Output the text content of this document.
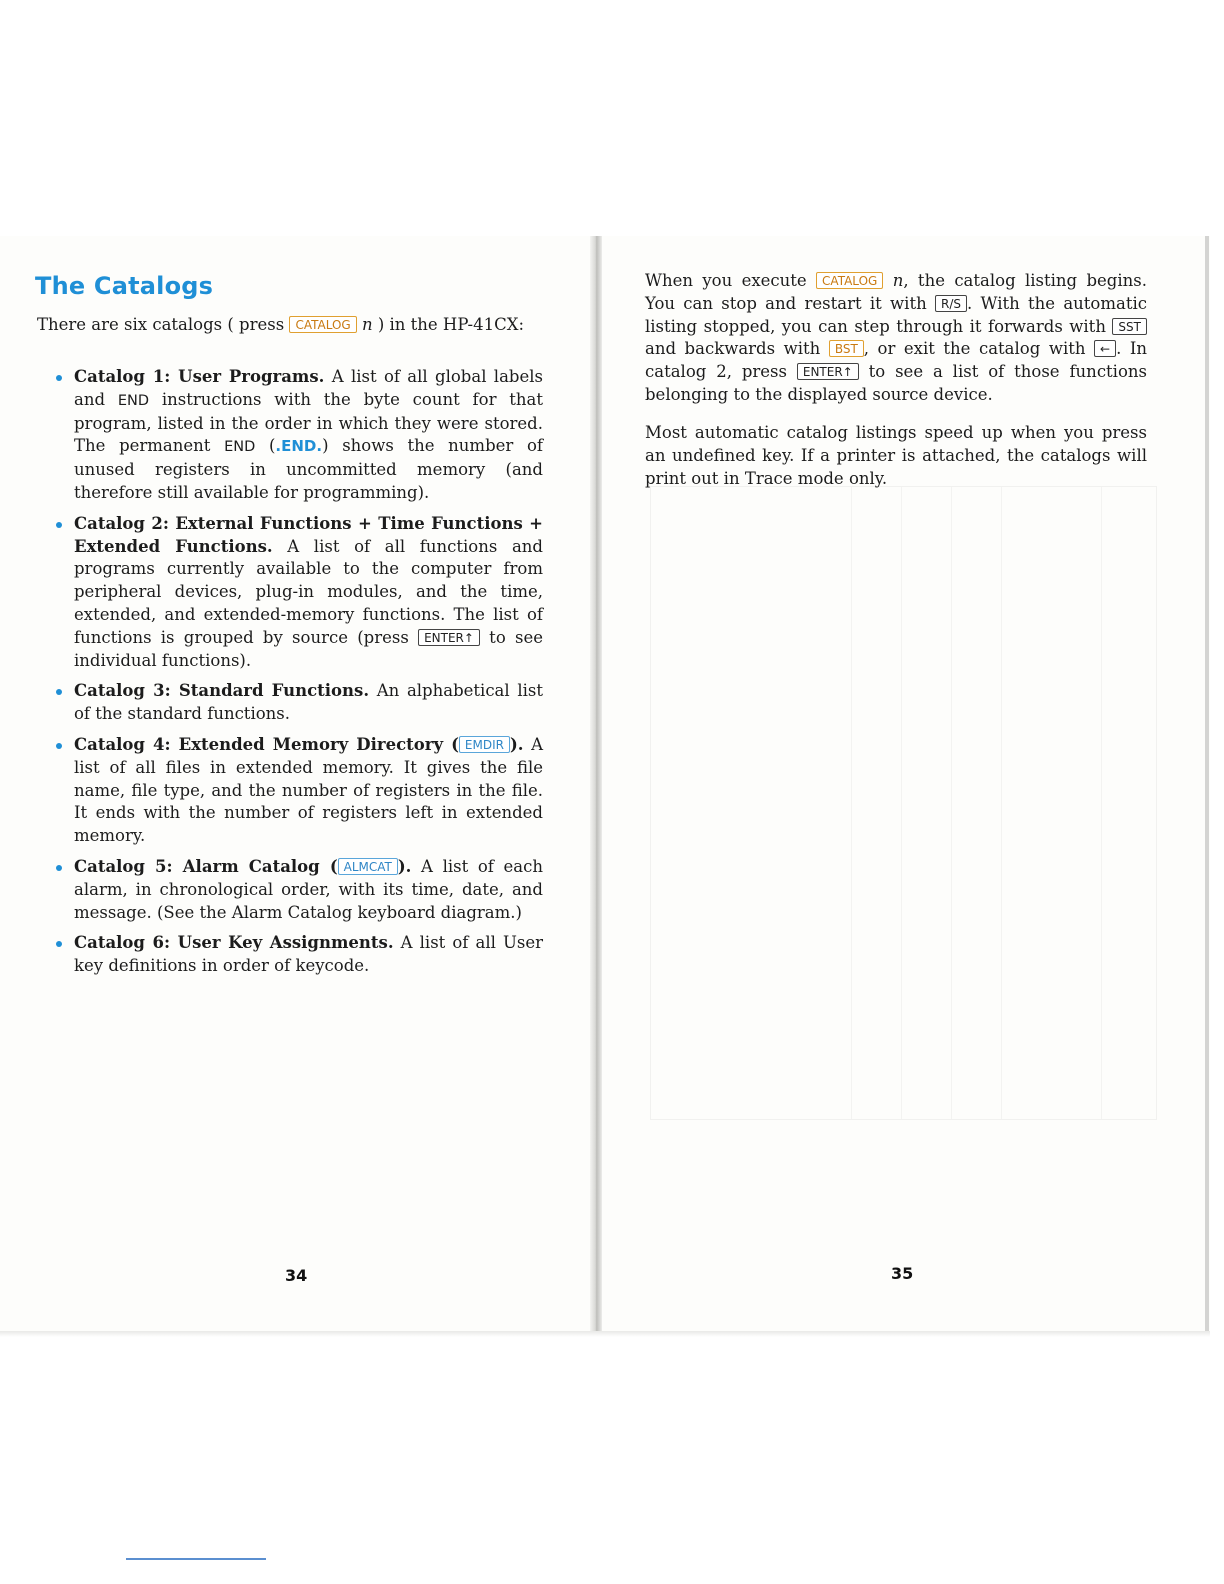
The Catalogs
There are six catalogs ( press CATALOG n ) in the HP-41CX:
Catalog 1: User Programs. A list of all global labels and END instructions with the byte count for that program, listed in the order in which they were stored. The permanent END (.END.) shows the number of unused registers in uncommitted memory (and therefore still available for programming).
Catalog 2: External Functions + Time Functions + Extended Functions. A list of all functions and programs currently available to the computer from peripheral devices, plug-in modules, and the time, extended, and extended-memory functions. The list of functions is grouped by source (press ENTER↑ to see individual functions).
Catalog 3: Standard Functions. An alphabetical list of the standard functions.
Catalog 4: Extended Memory Directory ( EMDIR ). A list of all files in extended memory. It gives the file name, file type, and the number of registers in the file. It ends with the number of registers left in extended memory.
Catalog 5: Alarm Catalog ( ALMCAT ). A list of each alarm, in chronological order, with its time, date, and message. (See the Alarm Catalog keyboard diagram.)
Catalog 6: User Key Assignments. A list of all User key definitions in order of keycode.

34

When you execute CATALOG n, the catalog listing begins. You can stop and restart it with R/S . With the automatic listing stopped, you can step through it forwards with SST and backwards with BST , or exit the catalog with ← . In catalog 2, press ENTER↑ to see a list of those functions belonging to the displayed source device.

Most automatic catalog listings speed up when you press an undefined key. If a printer is attached, the catalogs will print out in Trace mode only.

35
